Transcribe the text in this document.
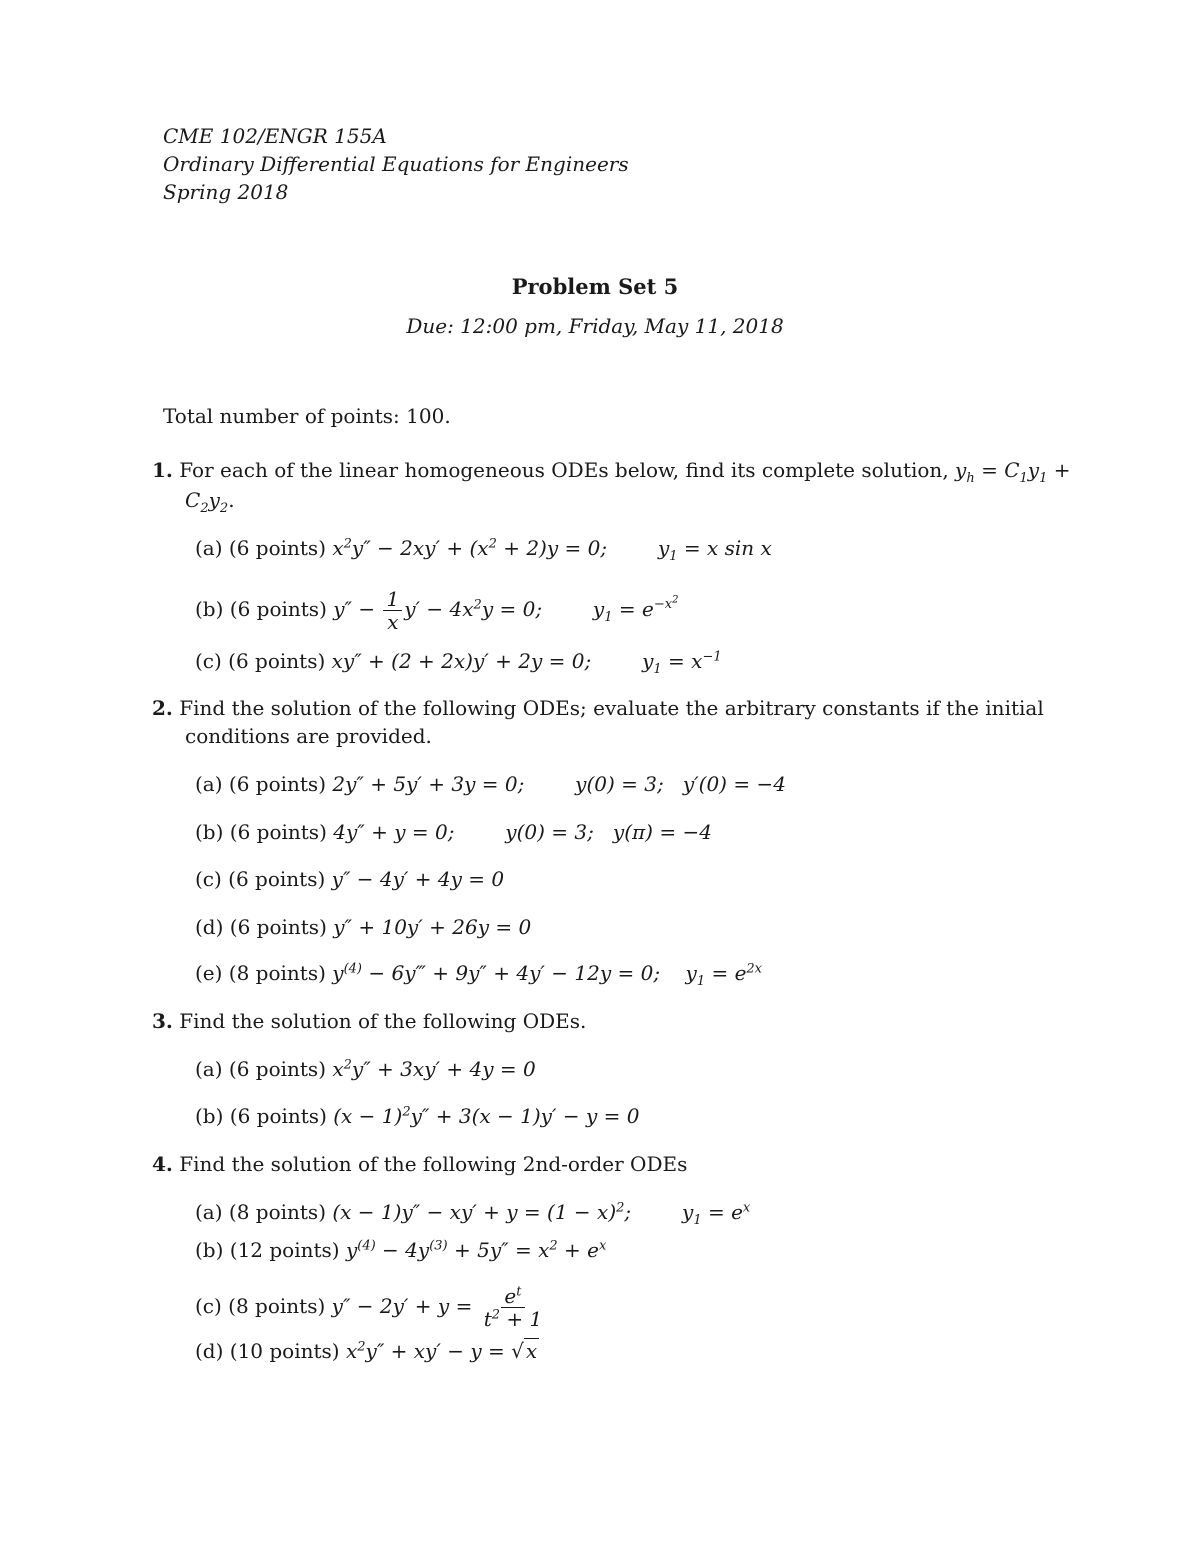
CME 102/ENGR 155A
Ordinary Differential Equations for Engineers
Spring 2018
Problem Set 5
Due: 12:00 pm, Friday, May 11, 2018
Total number of points: 100.
1. For each of the linear homogeneous ODEs below, find its complete solution, $y_h = C_1y_1$ +
$C_2y_2$.
(a) (6 points) $x^2y'' - 2xy' + (x^2 + 2)y = 0$;        $y_1 = x$ sin x
(b) (6 points) $y'' - \frac{1}{x} y' - 4x^2y = 0$;        $y_1 = e^{-x^2}$
(c) (6 points) xy″ + (2 + 2x)y′ + 2y = 0;        $y_1 = x^{-1}$
2. Find the solution of the following ODEs; evaluate the arbitrary constants if the initial
conditions are provided.
(a) (6 points) 2y″ + 5y′ + 3y = 0;        y(0) = 3;   y′(0) = −4
(b) (6 points) 4y″ + y = 0;        y(0) = 3;   y(π) = −4
(c) (6 points) y″ − 4y′ + 4y = 0
(d) (6 points) y″ + 10y′ + 26y = 0
(e) (8 points) $y^{(4)}$ − 6y‴ + 9y″ + 4y′ − 12y = 0;    $y_1 = e^{2x}$
3. Find the solution of the following ODEs.
(a) (6 points) $x^2y'' + 3xy' + 4y = 0$
(b) (6 points) $(x - 1)^2y'' + 3(x - 1)y' - y = 0$
4. Find the solution of the following 2nd-order ODEs
(a) (8 points) $(x - 1)y'' - xy' + y = (1 - x)^2$;        $y_1 = e^x$
(b) (12 points) $y^{(4)} - 4y^{(3)} + 5y'' = x^2 + e^x$
(c) (8 points) $y'' - 2y' + y = \frac{e^t}{t^2 + 1}$
(d) (10 points) $x^2y'' + xy' - y$ = √ x
